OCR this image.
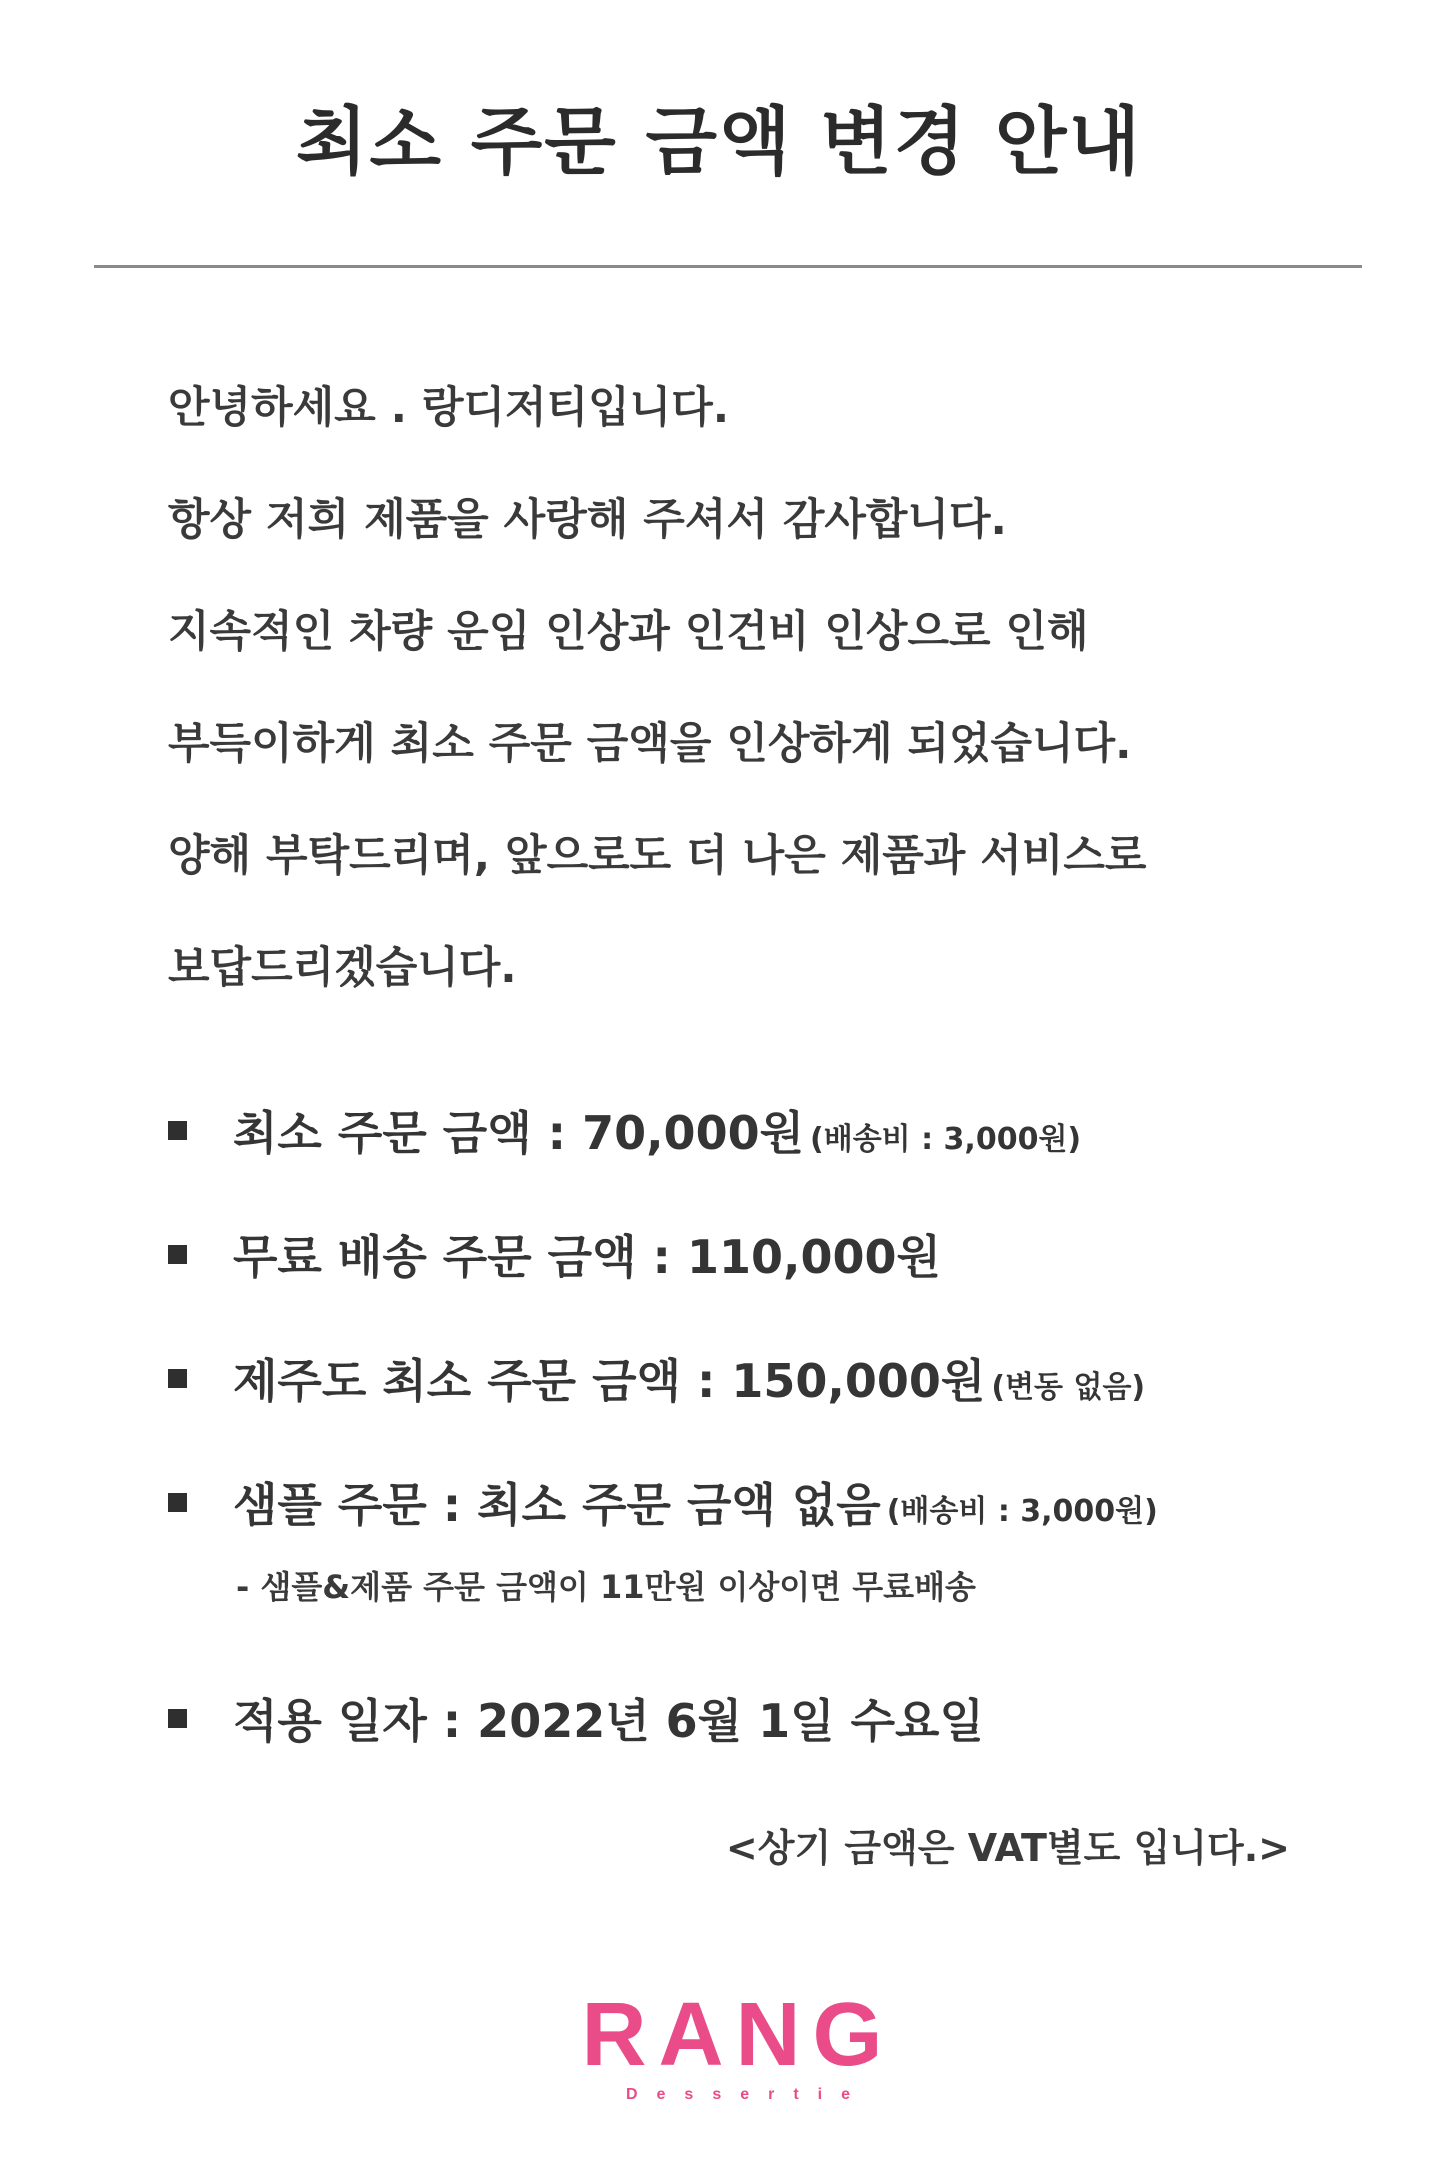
최소 주문 금액 변경 안내

안녕하세요 . 랑디저티입니다.

항상 저희 제품을 사랑해 주셔서 감사합니다.

지속적인 차량 운임 인상과 인건비 인상으로 인해

부득이하게 최소 주문 금액을 인상하게 되었습니다.

양해 부탁드리며, 앞으로도 더 나은 제품과 서비스로

보답드리겠습니다.

최소 주문 금액 : 70,000원 (배송비 : 3,000원)
무료 배송 주문 금액 : 110,000원
제주도 최소 주문 금액 : 150,000원 (변동 없음)
샘플 주문 : 최소 주문 금액 없음 (배송비 : 3,000원)
- 샘플&제품 주문 금액이 11만원 이상이면 무료배송
적용 일자 : 2022년 6월 1일 수요일
<상기 금액은 VAT별도 입니다.>
RANG
Dessertie
